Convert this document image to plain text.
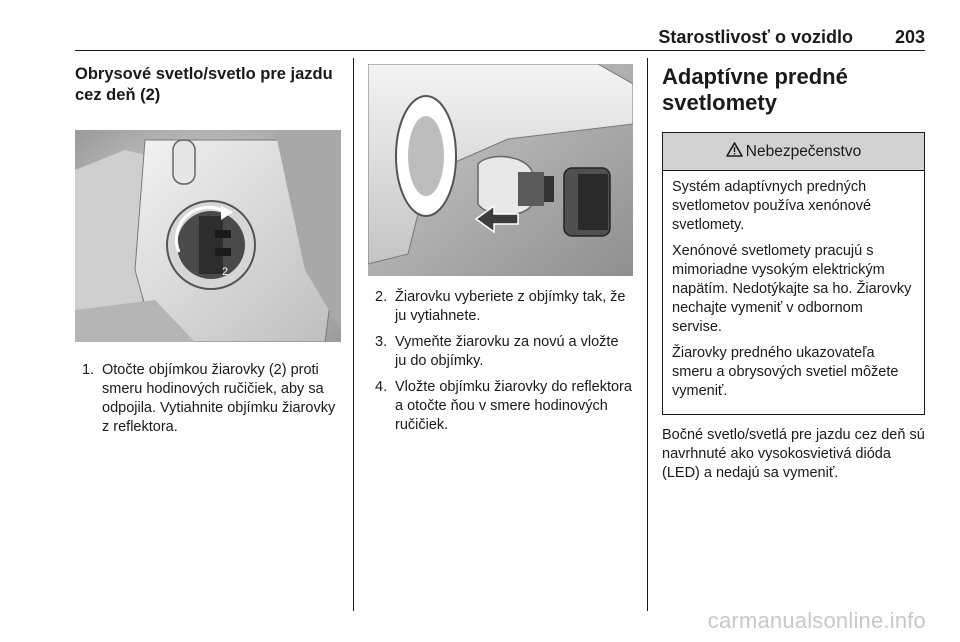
Starostlivosť o vozidlo 203
Obrysové svetlo/svetlo pre jazdu cez deň (2)
2
1. Otočte objímkou žiarovky (2) proti smeru hodinových ručičiek, aby sa odpojila. Vytiahnite objímku žiarovky z reflektora.
2. Žiarovku vyberiete z objímky tak, že ju vytiahnete.
3. Vymeňte žiarovku za novú a vložte ju do objímky.
4. Vložte objímku žiarovky do reflektora a otočte ňou v smere hodinových ručičiek.
Adaptívne predné svetlomety
Nebezpečenstvo

Systém adaptívnych predných svetlometov používa xenónové svetlomety.

Xenónové svetlomety pracujú s mimoriadne vysokým elektrickým napätím. Nedotýkajte sa ho. Žiarovky nechajte vymeniť v odbornom servise.

Žiarovky predného ukazovateľa smeru a obrysových svetiel môžete vymeniť.

Bočné svetlo/svetlá pre jazdu cez deň sú navrhnuté ako vysokosvietivá dióda (LED) a nedajú sa vymeniť.

carmanualsonline.info
